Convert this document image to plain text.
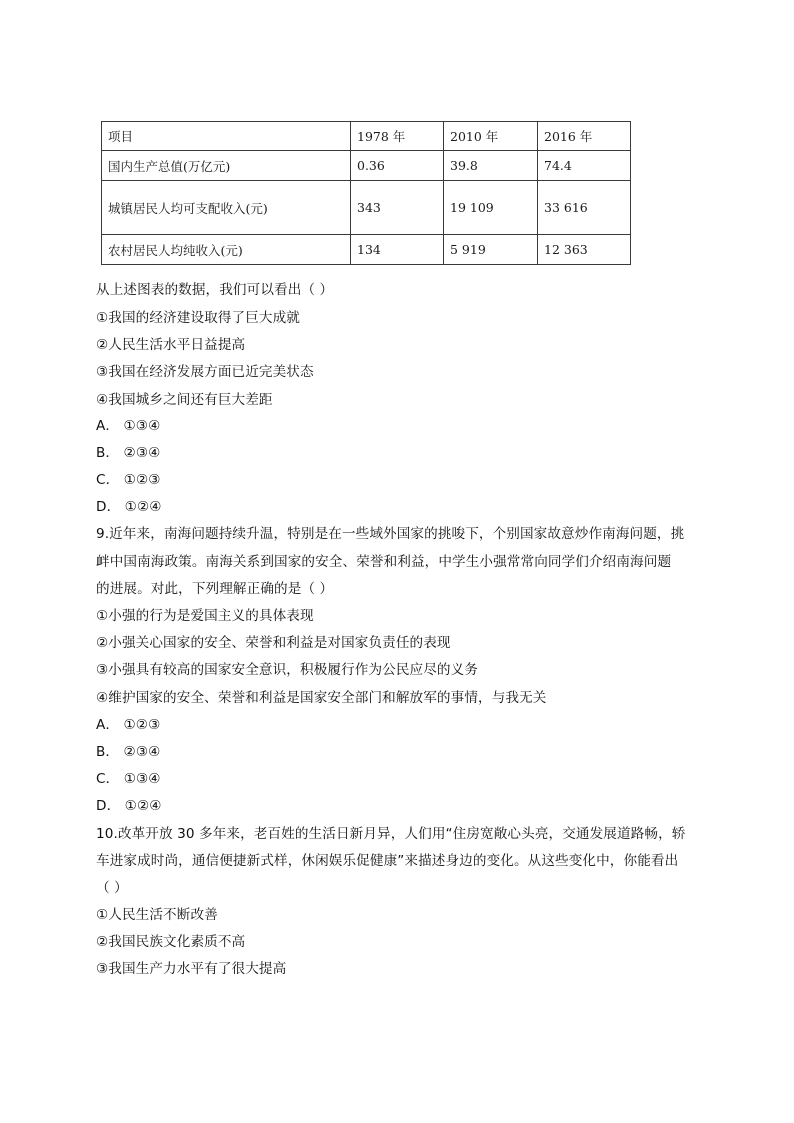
项目	1978 年	2010 年	2016 年
国内生产总值(万亿元)	0.36	39.8	74.4
城镇居民人均可支配收入(元)	343	19 109	33 616
农村居民人均纯收入(元)	134	5 919	12 363
从上述图表的数据，我们可以看出（ ）
①我国的经济建设取得了巨大成就
②人民生活水平日益提高
③我国在经济发展方面已近完美状态
④我国城乡之间还有巨大差距
A． ①③④
B． ②③④
C． ①②③
D． ①②④
9.近年来，南海问题持续升温，特别是在一些域外国家的挑唆下，个别国家故意炒作南海问题，挑
衅中国南海政策。南海关系到国家的安全、荣誉和利益，中学生小强常常向同学们介绍南海问题
的进展。对此，下列理解正确的是（ ）
①小强的行为是爱国主义的具体表现
②小强关心国家的安全、荣誉和利益是对国家负责任的表现
③小强具有较高的国家安全意识，积极履行作为公民应尽的义务
④维护国家的安全、荣誉和利益是国家安全部门和解放军的事情，与我无关
A． ①②③
B． ②③④
C． ①③④
D． ①②④
10.改革开放 30 多年来，老百姓的生活日新月异，人们用“住房宽敞心头亮，交通发展道路畅，轿
车进家成时尚，通信便捷新式样，休闲娱乐促健康”来描述身边的变化。从这些变化中，你能看出
（ ）
①人民生活不断改善
②我国民族文化素质不高
③我国生产力水平有了很大提高
